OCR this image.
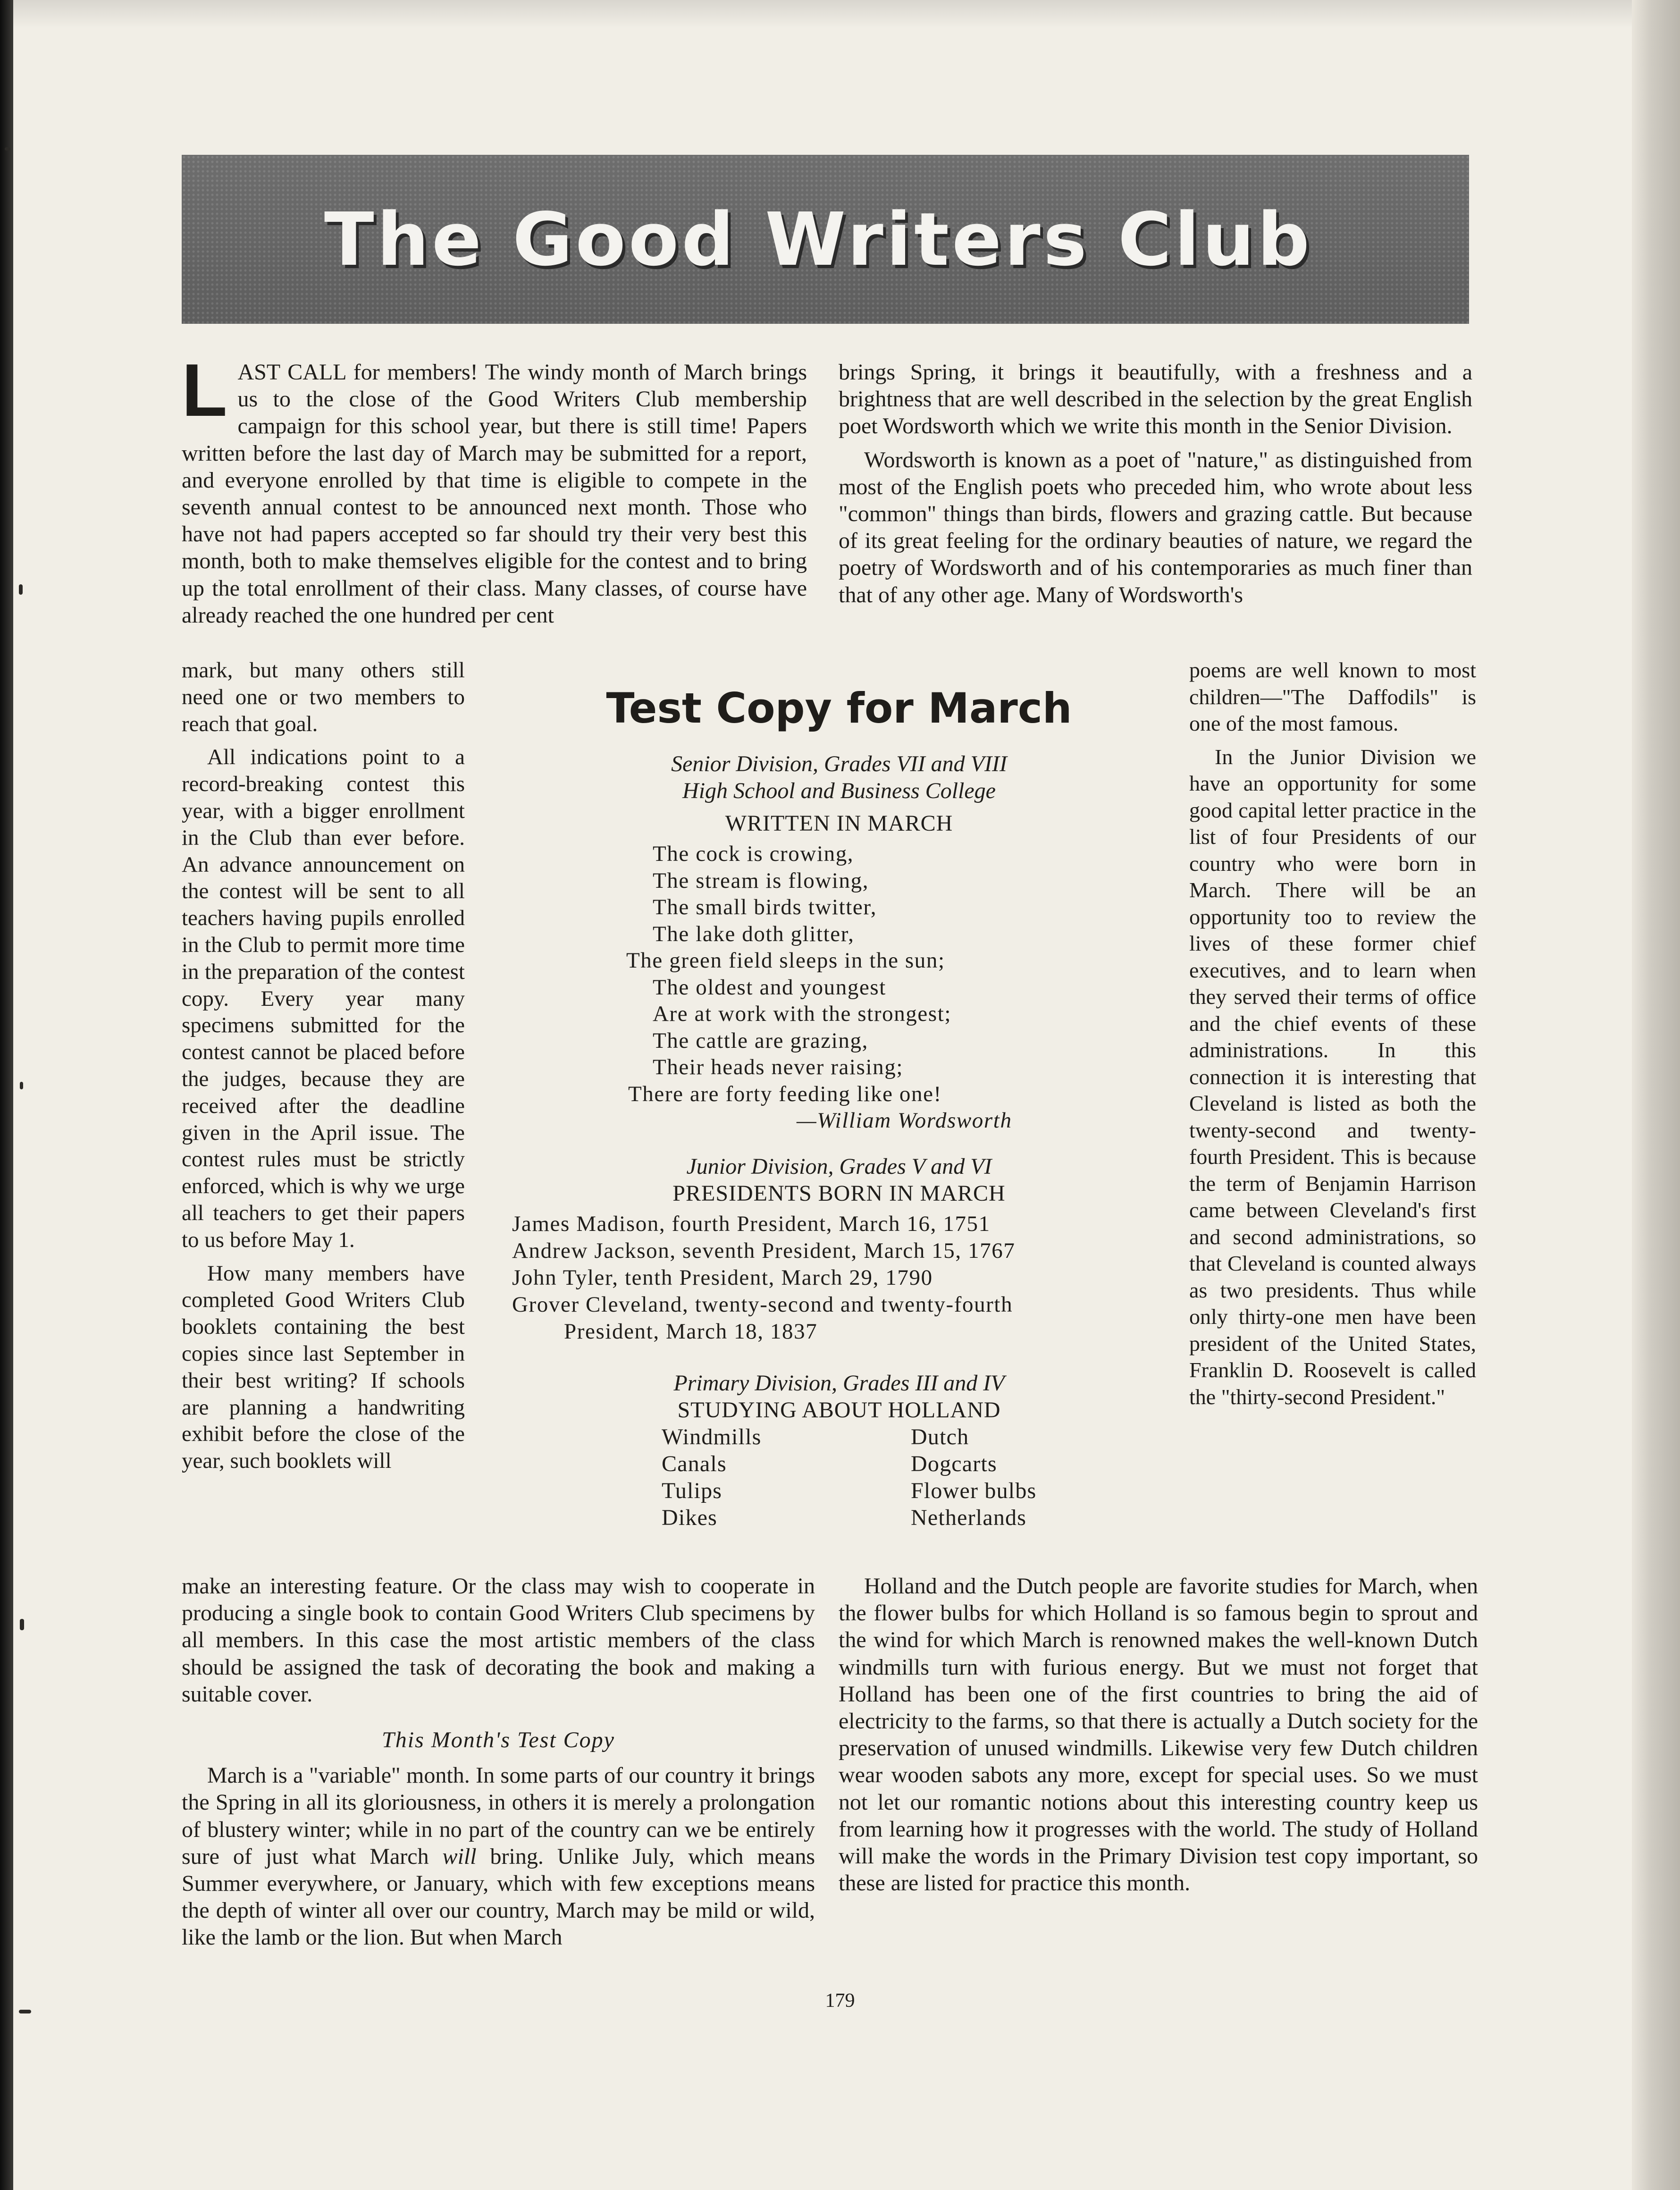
The Good Writers Club

LAST CALL for members! The windy month of March brings us to the close of the Good Writers Club membership campaign for this school year, but there is still time! Papers written before the last day of March may be submitted for a report, and everyone enrolled by that time is eligible to compete in the seventh annual contest to be announced next month. Those who have not had papers accepted so far should try their very best this month, both to make themselves eligible for the contest and to bring up the total enrollment of their class. Many classes, of course have already reached the one hundred per cent

mark, but many others still need one or two members to reach that goal.

All indications point to a record-breaking contest this year, with a bigger enrollment in the Club than ever before. An advance announcement on the contest will be sent to all teachers having pupils enrolled in the Club to permit more time in the preparation of the contest copy. Every year many specimens submitted for the contest cannot be placed before the judges, because they are received after the deadline given in the April issue. The contest rules must be strictly enforced, which is why we urge all teachers to get their papers to us before May 1.

How many members have completed Good Writers Club booklets containing the best copies since last September in their best writing? If schools are planning a handwriting exhibit before the close of the year, such booklets will

make an interesting feature. Or the class may wish to cooperate in producing a single book to contain Good Writers Club specimens by all members. In this case the most artistic members of the class should be assigned the task of decorating the book and making a suitable cover.

This Month's Test Copy

March is a "variable" month. In some parts of our country it brings the Spring in all its gloriousness, in others it is merely a prolongation of blustery winter; while in no part of the country can we be entirely sure of just what March will bring. Unlike July, which means Summer everywhere, or January, which with few exceptions means the depth of winter all over our country, March may be mild or wild, like the lamb or the lion. But when March

brings Spring, it brings it beautifully, with a freshness and a brightness that are well described in the selection by the great English poet Wordsworth which we write this month in the Senior Division.

Wordsworth is known as a poet of "nature," as distinguished from most of the English poets who preceded him, who wrote about less "common" things than birds, flowers and grazing cattle. But because of its great feeling for the ordinary beauties of nature, we regard the poetry of Wordsworth and of his contemporaries as much finer than that of any other age. Many of Wordsworth's

poems are well known to most children—"The Daffodils" is one of the most famous.

In the Junior Division we have an opportunity for some good capital letter practice in the list of four Presidents of our country who were born in March. There will be an opportunity too to review the lives of these former chief executives, and to learn when they served their terms of office and the chief events of these administrations. In this connection it is interesting that Cleveland is listed as both the twenty-second and twenty-fourth President. This is because the term of Benjamin Harrison came between Cleveland's first and second administrations, so that Cleveland is counted always as two presidents. Thus while only thirty-one men have been president of the United States, Franklin D. Roosevelt is called the "thirty-second President."

Holland and the Dutch people are favorite studies for March, when the flower bulbs for which Holland is so famous begin to sprout and the wind for which March is renowned makes the well-known Dutch windmills turn with furious energy. But we must not forget that Holland has been one of the first countries to bring the aid of electricity to the farms, so that there is actually a Dutch society for the preservation of unused windmills. Likewise very few Dutch children wear wooden sabots any more, except for special uses. So we must not let our romantic notions about this interesting country keep us from learning how it progresses with the world. The study of Holland will make the words in the Primary Division test copy important, so these are listed for practice this month.

Test Copy for March
Senior Division, Grades VII and VIII
High School and Business College
WRITTEN IN MARCH
The cock is crowing,
The stream is flowing,
The small birds twitter,
The lake doth glitter,
The green field sleeps in the sun;
The oldest and youngest
Are at work with the strongest;
The cattle are grazing,
Their heads never raising;
There are forty feeding like one!
—William Wordsworth
Junior Division, Grades V and VI
PRESIDENTS BORN IN MARCH
James Madison, fourth President, March 16, 1751
Andrew Jackson, seventh President, March 15, 1767
John Tyler, tenth President, March 29, 1790
Grover Cleveland, twenty-second and twenty-fourth
President, March 18, 1837
Primary Division, Grades III and IV
STUDYING ABOUT HOLLAND
Windmills	Dutch
Canals	Dogcarts
Tulips	Flower bulbs
Dikes	Netherlands
179
